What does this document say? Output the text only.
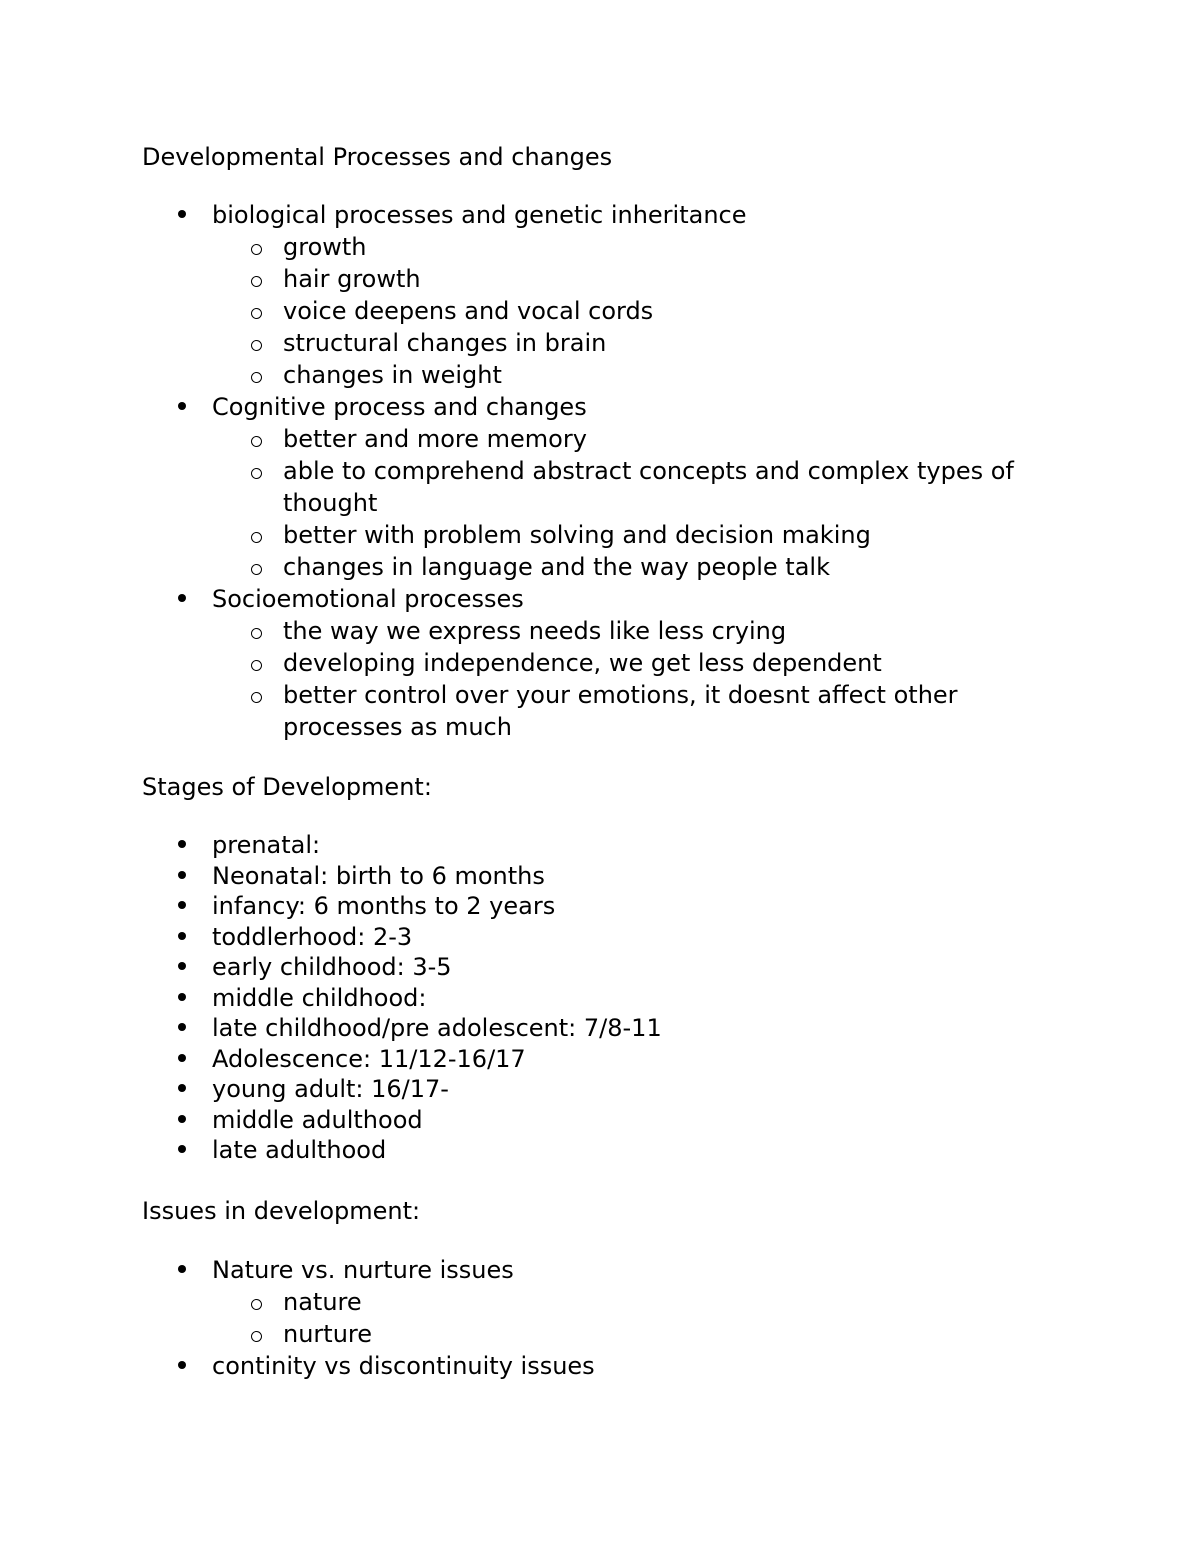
Developmental Processes and changes
biological processes and genetic inheritance
growth
hair growth
voice deepens and vocal cords
structural changes in brain
changes in weight
Cognitive process and changes
better and more memory
able to comprehend abstract concepts and complex types of thought
better with problem solving and decision making
changes in language and the way people talk
Socioemotional processes
the way we express needs like less crying
developing independence, we get less dependent
better control over your emotions, it doesnt affect other processes as much
Stages of Development:
prenatal:
Neonatal: birth to 6 months
infancy: 6 months to 2 years
toddlerhood: 2-3
early childhood: 3-5
middle childhood:
late childhood/pre adolescent: 7/8-11
Adolescence: 11/12-16/17
young adult: 16/17-
middle adulthood
late adulthood
Issues in development:
Nature vs. nurture issues
nature
nurture
continity vs discontinuity issues
